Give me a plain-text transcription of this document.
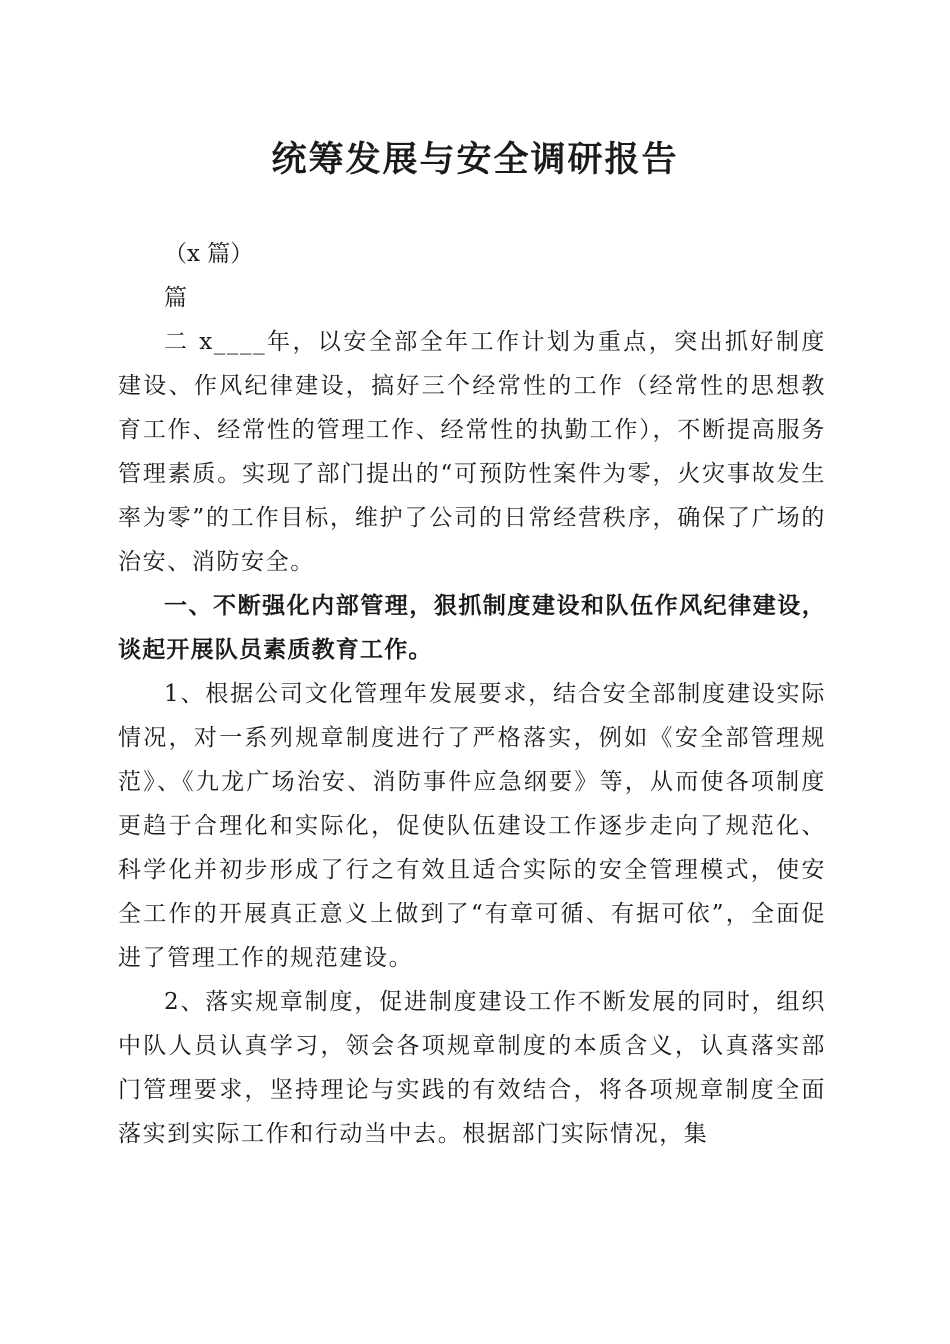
统筹发展与安全调研报告

（x 篇）

篇

二 x____年，以安全部全年工作计划为重点，突出抓好制度建设、作风纪律建设，搞好三个经常性的工作（经常性的思想教育工作、经常性的管理工作、经常性的执勤工作），不断提高服务管理素质。实现了部门提出的“可预防性案件为零，火灾事故发生率为零”的工作目标，维护了公司的日常经营秩序，确保了广场的治安、消防安全。

一、不断强化内部管理，狠抓制度建设和队伍作风纪律建设，谈起开展队员素质教育工作。

1、根据公司文化管理年发展要求，结合安全部制度建设实际情况，对一系列规章制度进行了严格落实，例如《安全部管理规范》、《九龙广场治安、消防事件应急纲要》等，从而使各项制度更趋于合理化和实际化，促使队伍建设工作逐步走向了规范化、科学化并初步形成了行之有效且适合实际的安全管理模式，使安全工作的开展真正意义上做到了“有章可循、有据可依”，全面促进了管理工作的规范建设。

2、落实规章制度，促进制度建设工作不断发展的同时，组织中队人员认真学习，领会各项规章制度的本质含义，认真落实部门管理要求，坚持理论与实践的有效结合，将各项规章制度全面落实到实际工作和行动当中去。根据部门实际情况，集
